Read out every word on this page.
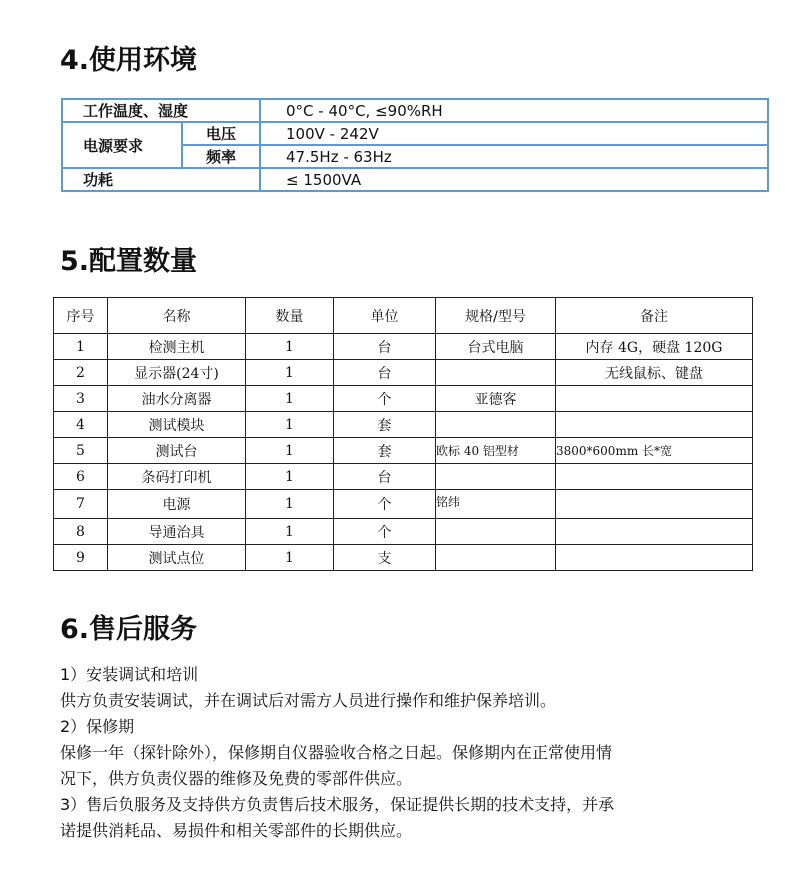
4.使用环境
工作温度、湿度		0°C - 40°C, ≤90%RH
电源要求	电压	100V - 242V
	频率	47.5Hz - 63Hz
功耗		≤ 1500VA
5.配置数量
序号	名称	数量	单位	规格/型号	备注
1	检测主机	1	台	台式电脑	内存 4G，硬盘 120G
2	显示器(24寸)	1	台		无线鼠标、键盘
3	油水分离器	1	个	亚德客	
4	测试模块	1	套		
5	测试台	1	套	欧标 40 铝型材	3800*600mm 长*宽
6	条码打印机	1	台		
7	电源	1	个	铭纬	
8	导通治具	1	个		
9	测试点位	1	支		
6.售后服务
1）安装调试和培训
供方负责安装调试，并在调试后对需方人员进行操作和维护保养培训。
2）保修期
保修一年（探针除外），保修期自仪器验收合格之日起。保修期内在正常使用情
况下，供方负责仪器的维修及免费的零部件供应。
3）售后负服务及支持供方负责售后技术服务，保证提供长期的技术支持，并承
诺提供消耗品、易损件和相关零部件的长期供应。
